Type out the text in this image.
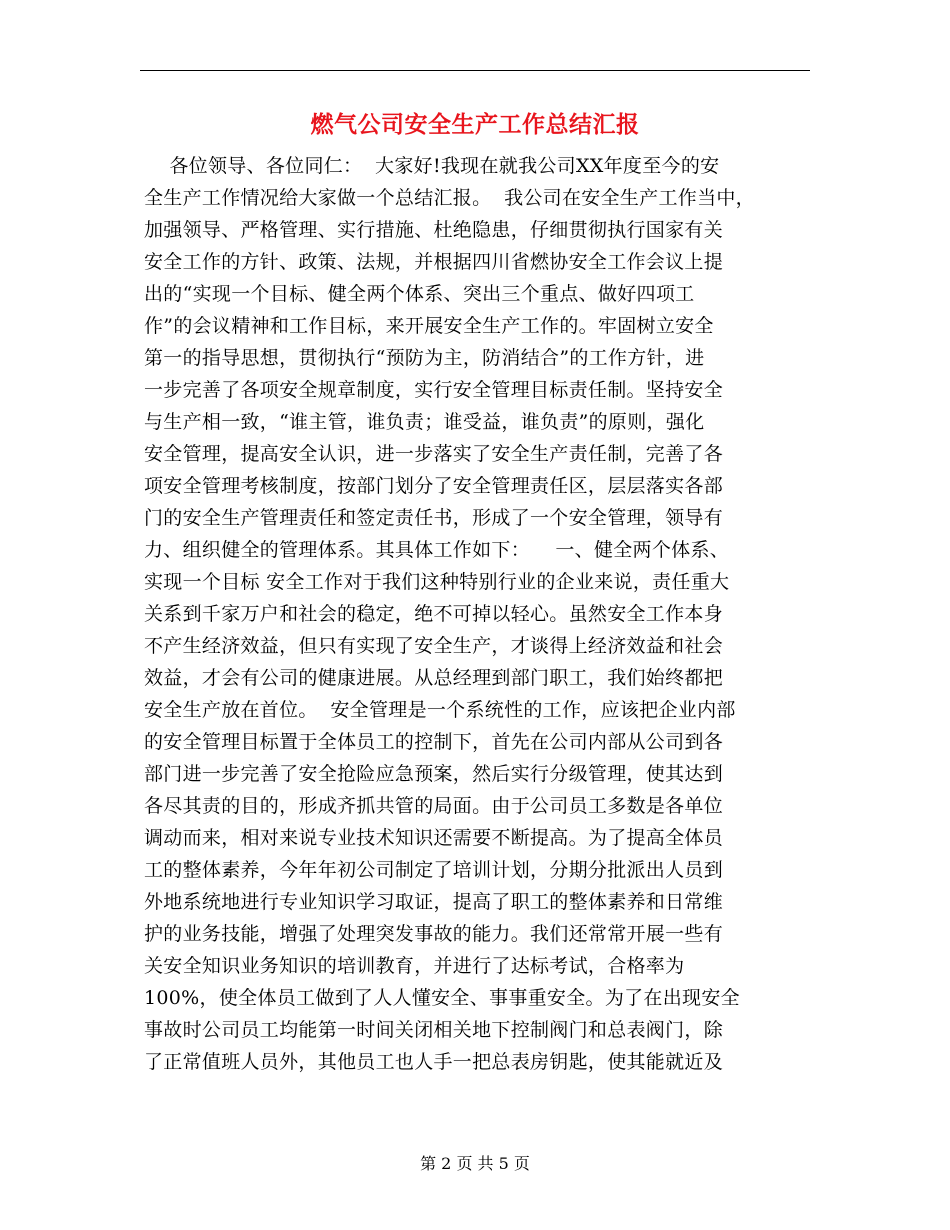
燃气公司安全生产工作总结汇报
各位领导、各位同仁：  大家好!我现在就我公司XX年度至今的安
全生产工作情况给大家做一个总结汇报。  我公司在安全生产工作当中，
加强领导、严格管理、实行措施、杜绝隐患，仔细贯彻执行国家有关
安全工作的方针、政策、法规，并根据四川省燃协安全工作会议上提
出的“实现一个目标、健全两个体系、突出三个重点、做好四项工
作”的会议精神和工作目标，来开展安全生产工作的。牢固树立安全
第一的指导思想，贯彻执行“预防为主，防消结合”的工作方针，进
一步完善了各项安全规章制度，实行安全管理目标责任制。坚持安全
与生产相一致，“谁主管，谁负责；谁受益，谁负责”的原则，强化
安全管理，提高安全认识，进一步落实了安全生产责任制，完善了各
项安全管理考核制度，按部门划分了安全管理责任区，层层落实各部
门的安全生产管理责任和签定责任书，形成了一个安全管理，领导有
力、组织健全的管理体系。其具体工作如下：    一、健全两个体系、
实现一个目标 安全工作对于我们这种特别行业的企业来说，责任重大
关系到千家万户和社会的稳定，绝不可掉以轻心。虽然安全工作本身
不产生经济效益，但只有实现了安全生产，才谈得上经济效益和社会
效益，才会有公司的健康进展。从总经理到部门职工，我们始终都把
安全生产放在首位。  安全管理是一个系统性的工作，应该把企业内部
的安全管理目标置于全体员工的控制下，首先在公司内部从公司到各
部门进一步完善了安全抢险应急预案，然后实行分级管理，使其达到
各尽其责的目的，形成齐抓共管的局面。由于公司员工多数是各单位
调动而来，相对来说专业技术知识还需要不断提高。为了提高全体员
工的整体素养，今年年初公司制定了培训计划，分期分批派出人员到
外地系统地进行专业知识学习取证，提高了职工的整体素养和日常维
护的业务技能，增强了处理突发事故的能力。我们还常常开展一些有
关安全知识业务知识的培训教育，并进行了达标考试，合格率为
100%，使全体员工做到了人人懂安全、事事重安全。为了在出现安全
事故时公司员工均能第一时间关闭相关地下控制阀门和总表阀门，除
了正常值班人员外，其他员工也人手一把总表房钥匙，使其能就近及
第 2 页 共 5 页
